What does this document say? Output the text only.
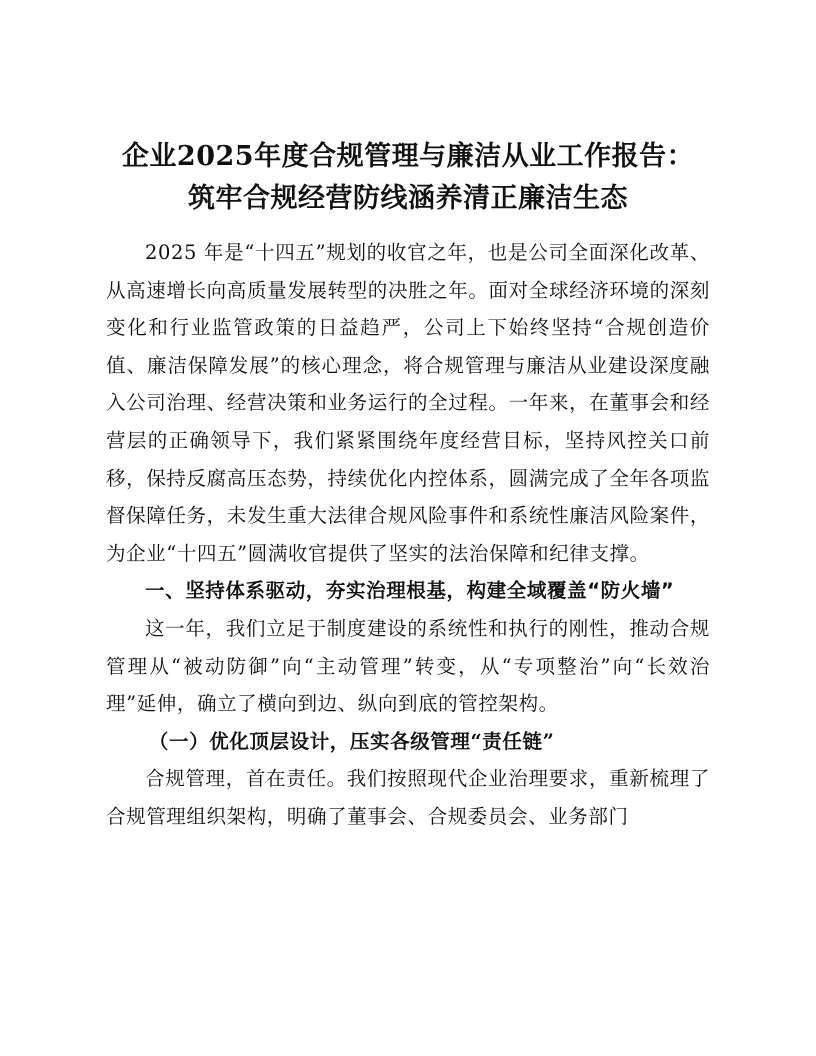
企业2025年度合规管理与廉洁从业工作报告：
筑牢合规经营防线涵养清正廉洁生态

2025 年是“十四五”规划的收官之年，也是公司全面深化改革、从高速增长向高质量发展转型的决胜之年。面对全球经济环境的深刻变化和行业监管政策的日益趋严，公司上下始终坚持“合规创造价值、廉洁保障发展”的核心理念，将合规管理与廉洁从业建设深度融入公司治理、经营决策和业务运行的全过程。一年来，在董事会和经营层的正确领导下，我们紧紧围绕年度经营目标，坚持风控关口前移，保持反腐高压态势，持续优化内控体系，圆满完成了全年各项监督保障任务，未发生重大法律合规风险事件和系统性廉洁风险案件，为企业“十四五”圆满收官提供了坚实的法治保障和纪律支撑。

一、坚持体系驱动，夯实治理根基，构建全域覆盖“防火墙”

这一年，我们立足于制度建设的系统性和执行的刚性，推动合规管理从“被动防御”向“主动管理”转变，从“专项整治”向“长效治理”延伸，确立了横向到边、纵向到底的管控架构。

（一）优化顶层设计，压实各级管理“责任链”

合规管理，首在责任。我们按照现代企业治理要求，重新梳理了合规管理组织架构，明确了董事会、合规委员会、业务部门
